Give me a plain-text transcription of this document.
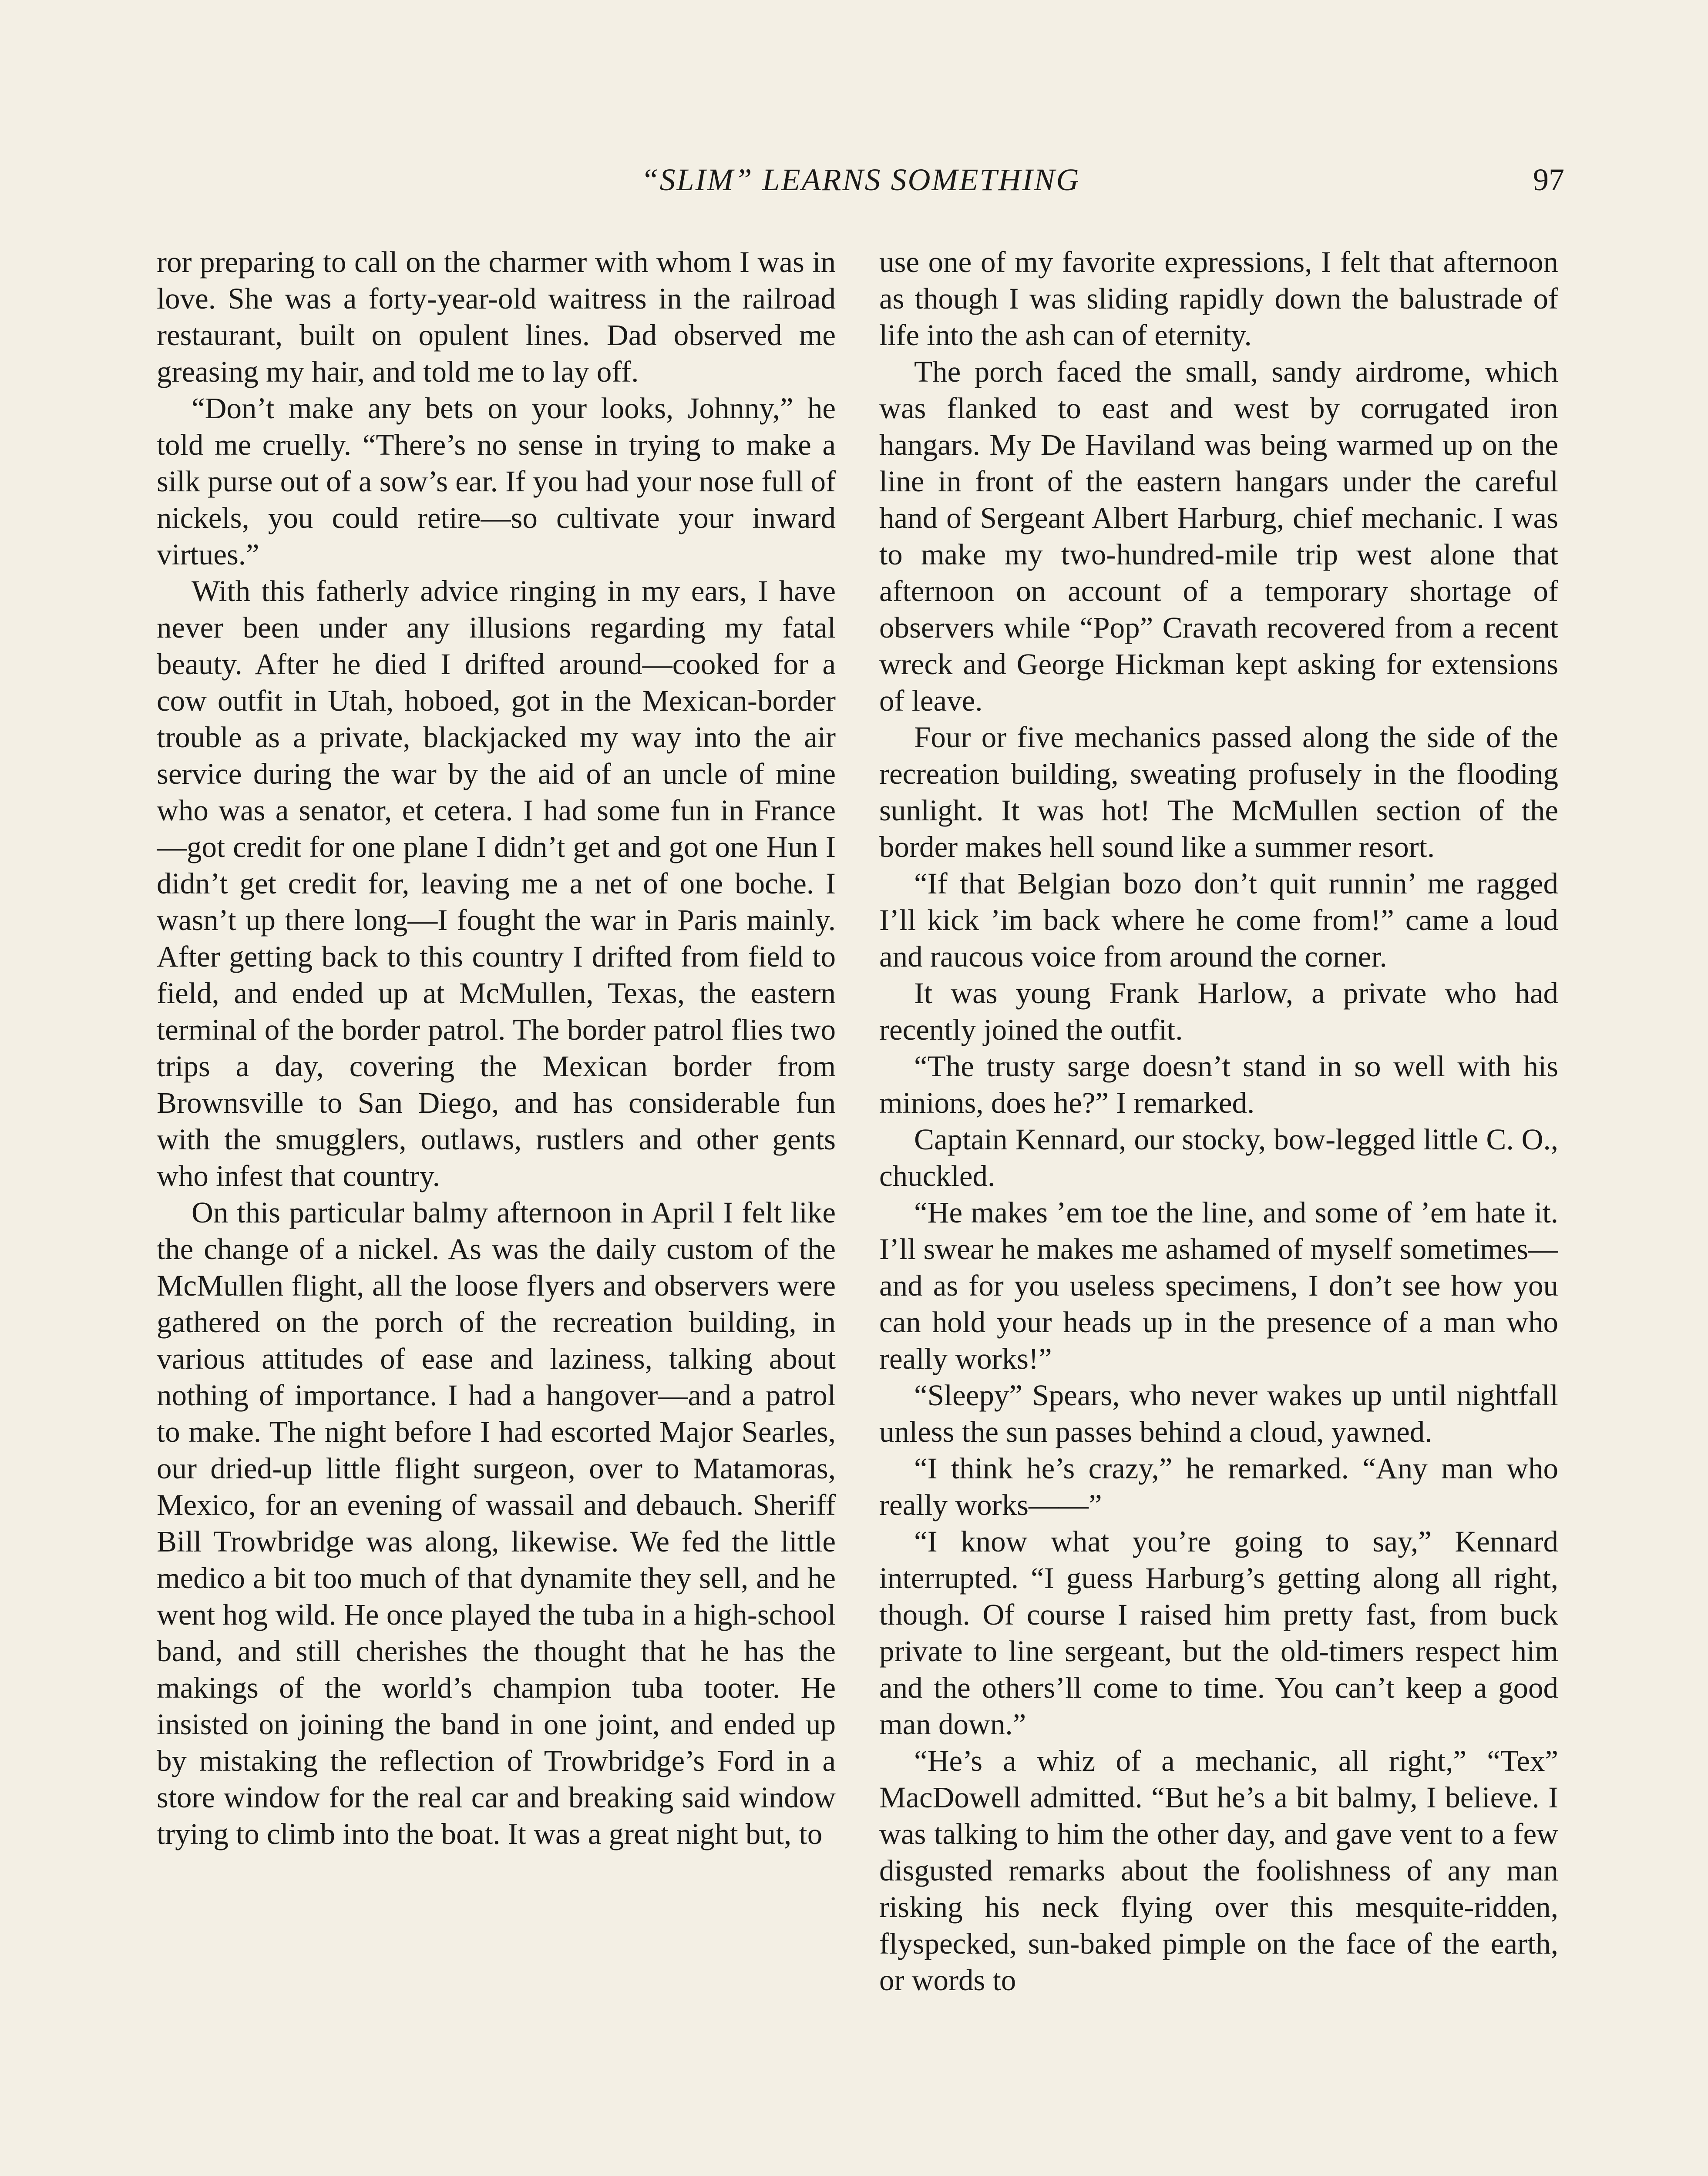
“SLIM” LEARNS SOMETHING	97

ror preparing to call on the charmer with whom I was in love. She was a forty-year-old waitress in the railroad restaurant, built on opulent lines. Dad observed me greasing my hair, and told me to lay off.

“Don’t make any bets on your looks, Johnny,” he told me cruelly. “There’s no sense in trying to make a silk purse out of a sow’s ear. If you had your nose full of nickels, you could retire—so cultivate your inward virtues.”

With this fatherly advice ringing in my ears, I have never been under any illusions regarding my fatal beauty. After he died I drifted around—cooked for a cow outfit in Utah, hoboed, got in the Mexican-border trouble as a private, blackjacked my way into the air service during the war by the aid of an uncle of mine who was a senator, et cetera. I had some fun in France—got credit for one plane I didn’t get and got one Hun I didn’t get credit for, leaving me a net of one boche. I wasn’t up there long—I fought the war in Paris mainly. After getting back to this country I drifted from field to field, and ended up at McMullen, Texas, the eastern terminal of the border patrol. The border patrol flies two trips a day, covering the Mexican border from Brownsville to San Diego, and has considerable fun with the smugglers, outlaws, rustlers and other gents who infest that country.

On this particular balmy afternoon in April I felt like the change of a nickel. As was the daily custom of the McMullen flight, all the loose flyers and observers were gathered on the porch of the recreation building, in various attitudes of ease and laziness, talking about nothing of importance. I had a hangover—and a patrol to make. The night before I had escorted Major Searles, our dried-up little flight surgeon, over to Matamoras, Mexico, for an evening of wassail and debauch. Sheriff Bill Trowbridge was along, likewise. We fed the little medico a bit too much of that dynamite they sell, and he went hog wild. He once played the tuba in a high-school band, and still cherishes the thought that he has the makings of the world’s champion tuba tooter. He insisted on joining the band in one joint, and ended up by mistaking the reflection of Trowbridge’s Ford in a store window for the real car and breaking said window trying to climb into the boat. It was a great night but, to

use one of my favorite expressions, I felt that afternoon as though I was sliding rapidly down the balustrade of life into the ash can of eternity.

The porch faced the small, sandy airdrome, which was flanked to east and west by corrugated iron hangars. My De Haviland was being warmed up on the line in front of the eastern hangars under the careful hand of Sergeant Albert Harburg, chief mechanic. I was to make my two-hundred-mile trip west alone that afternoon on account of a temporary shortage of observers while “Pop” Cravath recovered from a recent wreck and George Hickman kept asking for extensions of leave.

Four or five mechanics passed along the side of the recreation building, sweating profusely in the flooding sunlight. It was hot! The McMullen section of the border makes hell sound like a summer resort.

“If that Belgian bozo don’t quit runnin’ me ragged I’ll kick ’im back where he come from!” came a loud and raucous voice from around the corner.

It was young Frank Harlow, a private who had recently joined the outfit.

“The trusty sarge doesn’t stand in so well with his minions, does he?” I remarked.

Captain Kennard, our stocky, bow-legged little C. O., chuckled.

“He makes ’em toe the line, and some of ’em hate it. I’ll swear he makes me ashamed of myself sometimes—and as for you useless specimens, I don’t see how you can hold your heads up in the presence of a man who really works!”

“Sleepy” Spears, who never wakes up until nightfall unless the sun passes behind a cloud, yawned.

“I think he’s crazy,” he remarked. “Any man who really works——”

“I know what you’re going to say,” Kennard interrupted. “I guess Harburg’s getting along all right, though. Of course I raised him pretty fast, from buck private to line sergeant, but the old-timers respect him and the others’ll come to time. You can’t keep a good man down.”

“He’s a whiz of a mechanic, all right,” “Tex” MacDowell admitted. “But he’s a bit balmy, I believe. I was talking to him the other day, and gave vent to a few disgusted remarks about the foolishness of any man risking his neck flying over this mesquite-ridden, flyspecked, sun-baked pimple on the face of the earth, or words to
